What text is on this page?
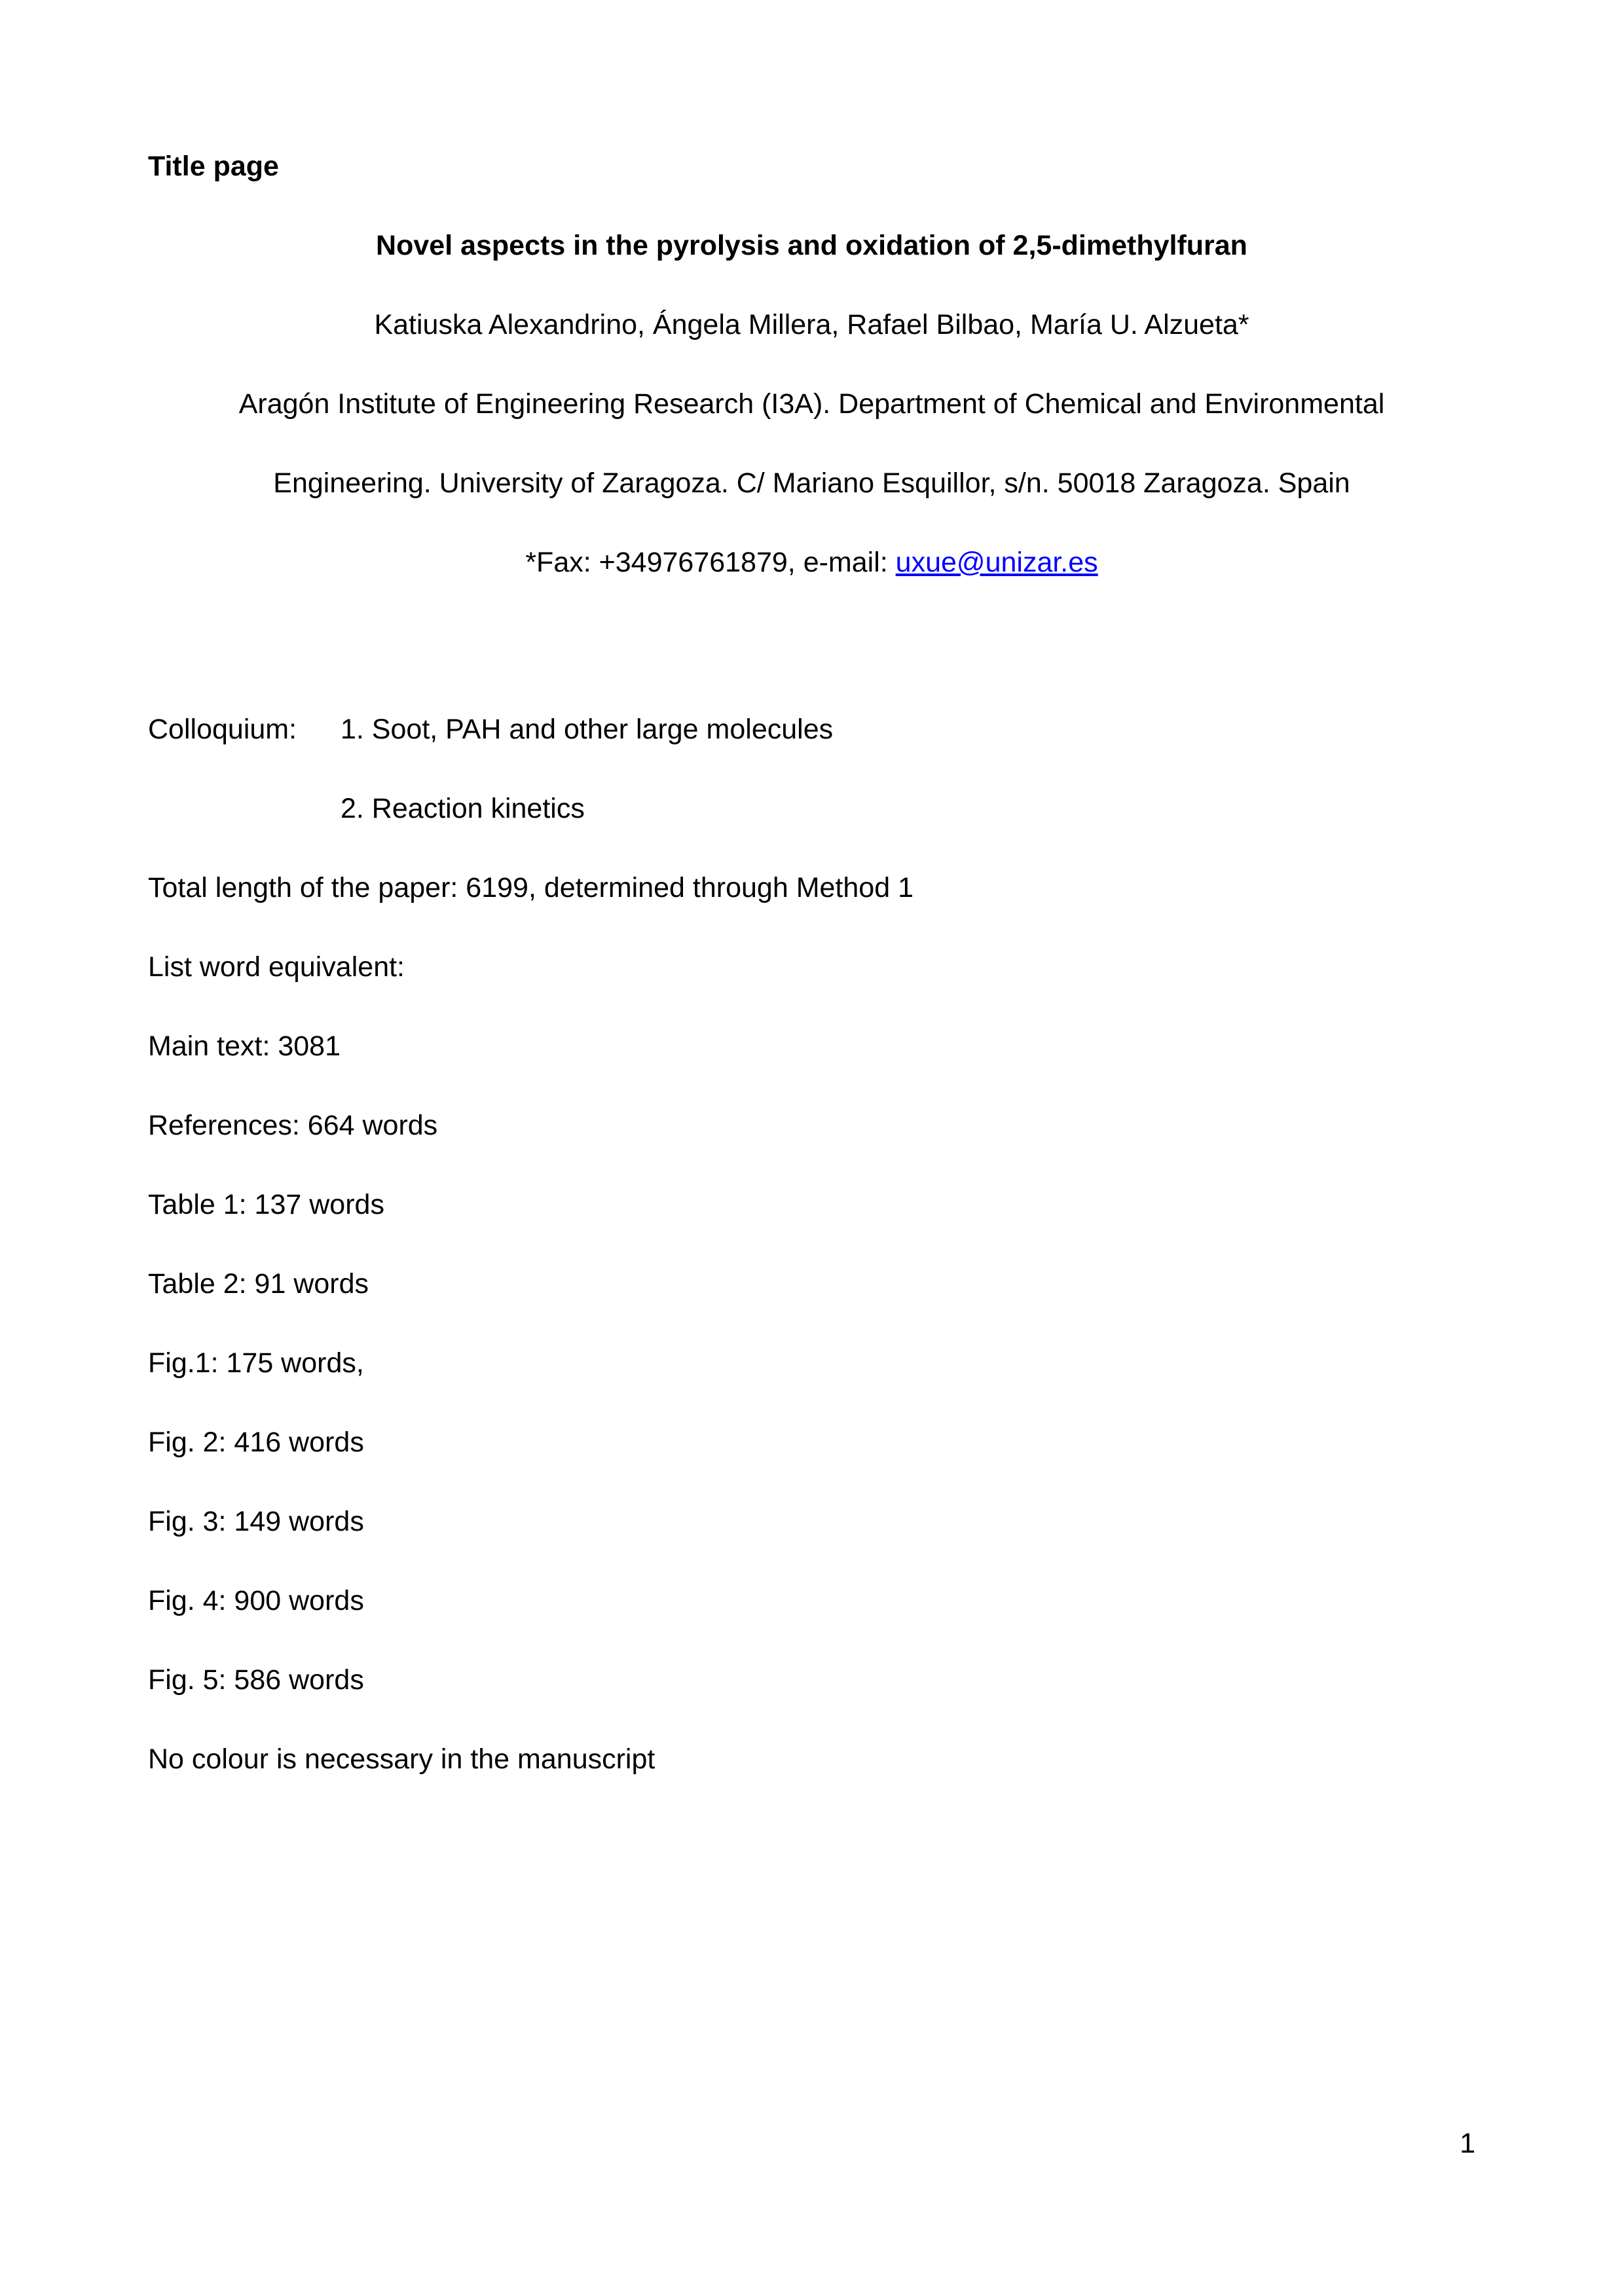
Title page

Novel aspects in the pyrolysis and oxidation of 2,5-dimethylfuran

Katiuska Alexandrino, Ángela Millera, Rafael Bilbao, María U. Alzueta*

Aragón Institute of Engineering Research (I3A). Department of Chemical and Environmental

Engineering. University of Zaragoza. C/ Mariano Esquillor, s/n. 50018 Zaragoza. Spain

*Fax: +34976761879, e-mail: uxue@unizar.es

Colloquium:	1. Soot, PAH and other large molecules
2. Reaction kinetics

Total length of the paper: 6199, determined through Method 1

List word equivalent:

Main text: 3081

References: 664 words

Table 1: 137 words

Table 2: 91 words

Fig.1: 175 words,

Fig. 2: 416 words

Fig. 3: 149 words

Fig. 4: 900 words

Fig. 5: 586 words

No colour is necessary in the manuscript

1
